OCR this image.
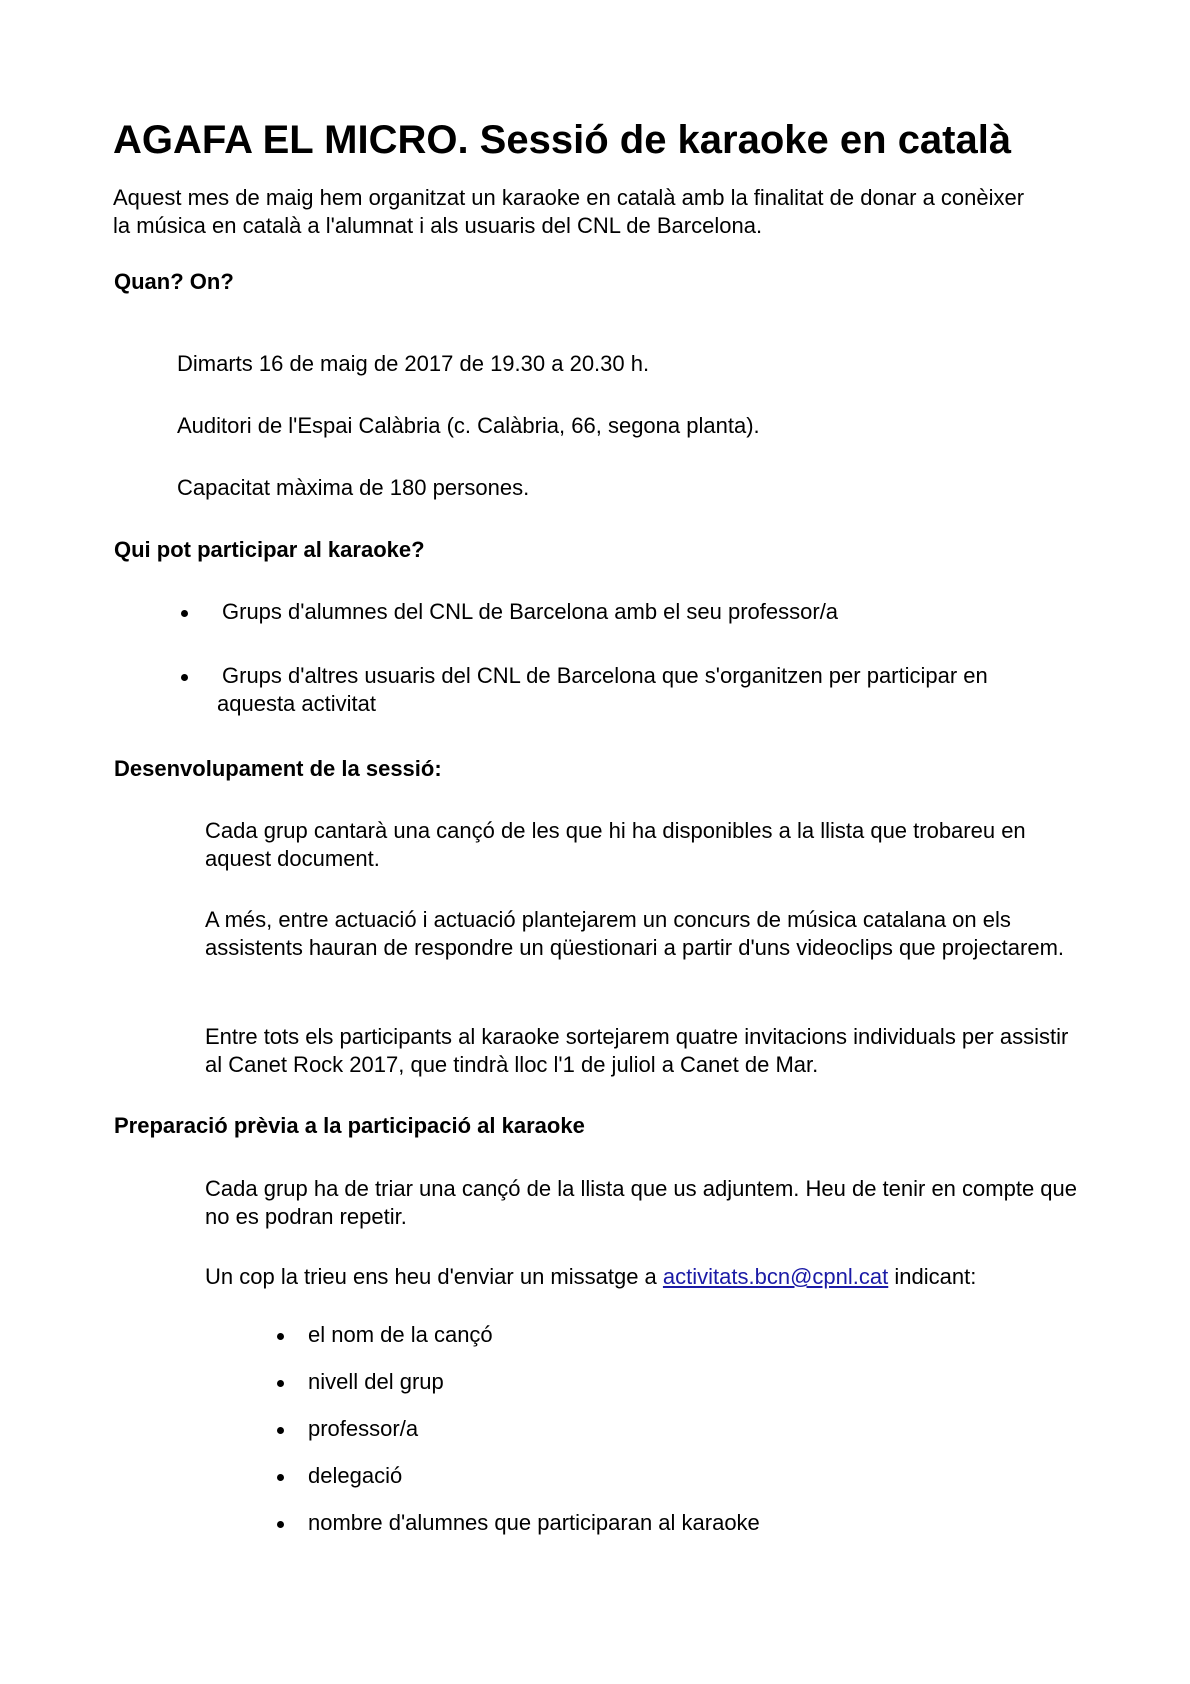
AGAFA EL MICRO. Sessió de karaoke en català

Aquest mes de maig hem organitzat un karaoke en català amb la finalitat de donar a conèixer la música en català a l'alumnat i als usuaris del CNL de Barcelona.

Quan? On?

Dimarts 16 de maig de 2017 de 19.30 a 20.30 h.

Auditori de l'Espai Calàbria (c. Calàbria, 66, segona planta).

Capacitat màxima de 180 persones.

Qui pot participar al karaoke?
Grups d'alumnes del CNL de Barcelona amb el seu professor/a
Grups d'altres usuaris del CNL de Barcelona que s'organitzen per participar en
aquesta activitat
Desenvolupament de la sessió:

Cada grup cantarà una cançó de les que hi ha disponibles a la llista que trobareu en aquest document.

A més, entre actuació i actuació plantejarem un concurs de música catalana on els assistents hauran de respondre un qüestionari a partir d'uns videoclips que projectarem.

Entre tots els participants al karaoke sortejarem quatre invitacions individuals per assistir al Canet Rock 2017, que tindrà lloc l'1 de juliol a Canet de Mar.

Preparació prèvia a la participació al karaoke

Cada grup ha de triar una cançó de la llista que us adjuntem. Heu de tenir en compte que no es podran repetir.

Un cop la trieu ens heu d'enviar un missatge a activitats.bcn@cpnl.cat indicant:

el nom de la cançó
nivell del grup
professor/a
delegació
nombre d'alumnes que participaran al karaoke
